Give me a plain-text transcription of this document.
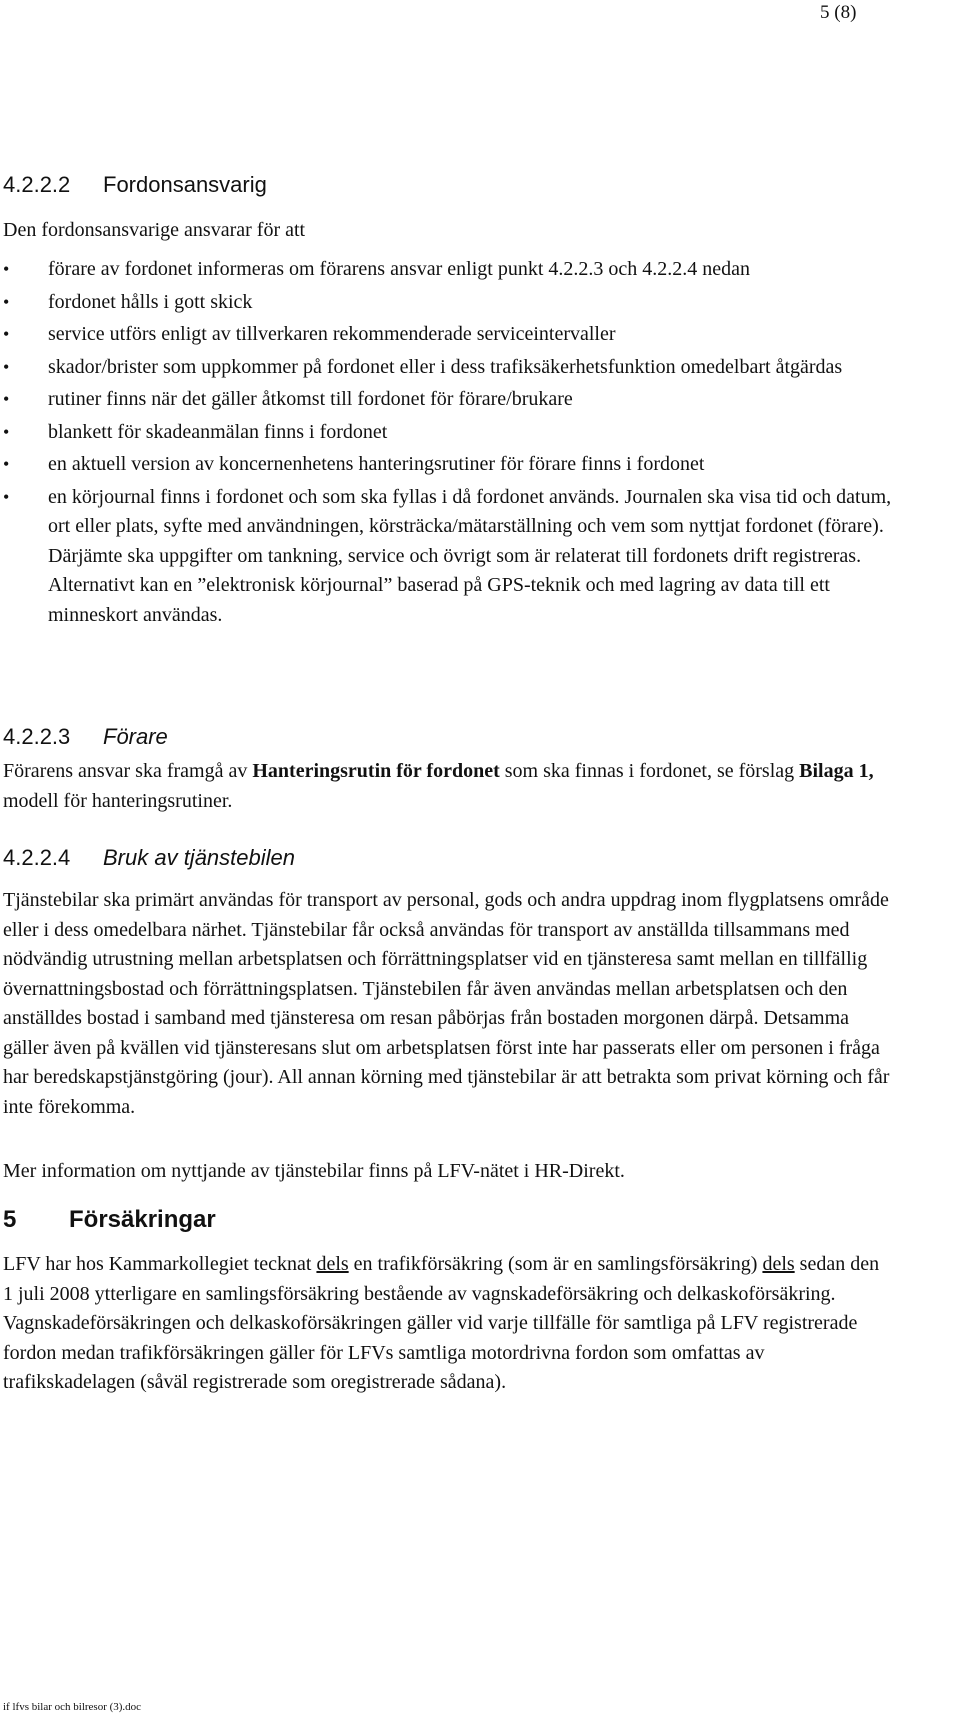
5 (8)
4.2.2.2 Fordonsansvarig
Den fordonsansvarige ansvarar för att
• förare av fordonet informeras om förarens ansvar enligt punkt 4.2.2.3 och 4.2.2.4 nedan
• fordonet hålls i gott skick
• service utförs enligt av tillverkaren rekommenderade serviceintervaller
• skador/brister som uppkommer på fordonet eller i dess trafiksäkerhetsfunktion omedelbart åtgärdas
• rutiner finns när det gäller åtkomst till fordonet för förare/brukare
• blankett för skadeanmälan finns i fordonet
• en aktuell version av koncernenhetens hanteringsrutiner för förare finns i fordonet
• en körjournal finns i fordonet och som ska fyllas i då fordonet används. Journalen ska visa tid och datum, ort eller plats, syfte med användningen, körsträcka/mätarställning och vem som nyttjat fordonet (förare). Därjämte ska uppgifter om tankning, service och övrigt som är relaterat till fordonets drift registreras. Alternativt kan en ”elektronisk körjournal” baserad på GPS-teknik och med lagring av data till ett minneskort användas.
4.2.2.3 Förare
Förarens ansvar ska framgå av Hanteringsrutin för fordonet som ska finnas i fordonet, se förslag Bilaga 1, modell för hanteringsrutiner.
4.2.2.4 Bruk av tjänstebilen
Tjänstebilar ska primärt användas för transport av personal, gods och andra uppdrag inom flygplatsens område eller i dess omedelbara närhet. Tjänstebilar får också användas för transport av anställda tillsammans med nödvändig utrustning mellan arbetsplatsen och förrättningsplatser vid en tjänsteresa samt mellan en tillfällig övernattningsbostad och förrättningsplatsen. Tjänstebilen får även användas mellan arbetsplatsen och den anställdes bostad i samband med tjänsteresa om resan påbörjas från bostaden morgonen därpå. Detsamma gäller även på kvällen vid tjänsteresans slut om arbetsplatsen först inte har passerats eller om personen i fråga har beredskapstjänstgöring (jour). All annan körning med tjänstebilar är att betrakta som privat körning och får inte förekomma.
Mer information om nyttjande av tjänstebilar finns på LFV-nätet i HR-Direkt.
5 Försäkringar
LFV har hos Kammarkollegiet tecknat dels en trafikförsäkring (som är en samlingsförsäkring) dels sedan den 1 juli 2008 ytterligare en samlingsförsäkring bestående av vagnskadeförsäkring och delkaskoförsäkring. Vagnskadeförsäkringen och delkaskoförsäkringen gäller vid varje tillfälle för samtliga på LFV registrerade fordon medan trafikförsäkringen gäller för LFVs samtliga motordrivna fordon som omfattas av trafikskadelagen (såväl registrerade som oregistrerade sådana).
if lfvs bilar och bilresor (3).doc
